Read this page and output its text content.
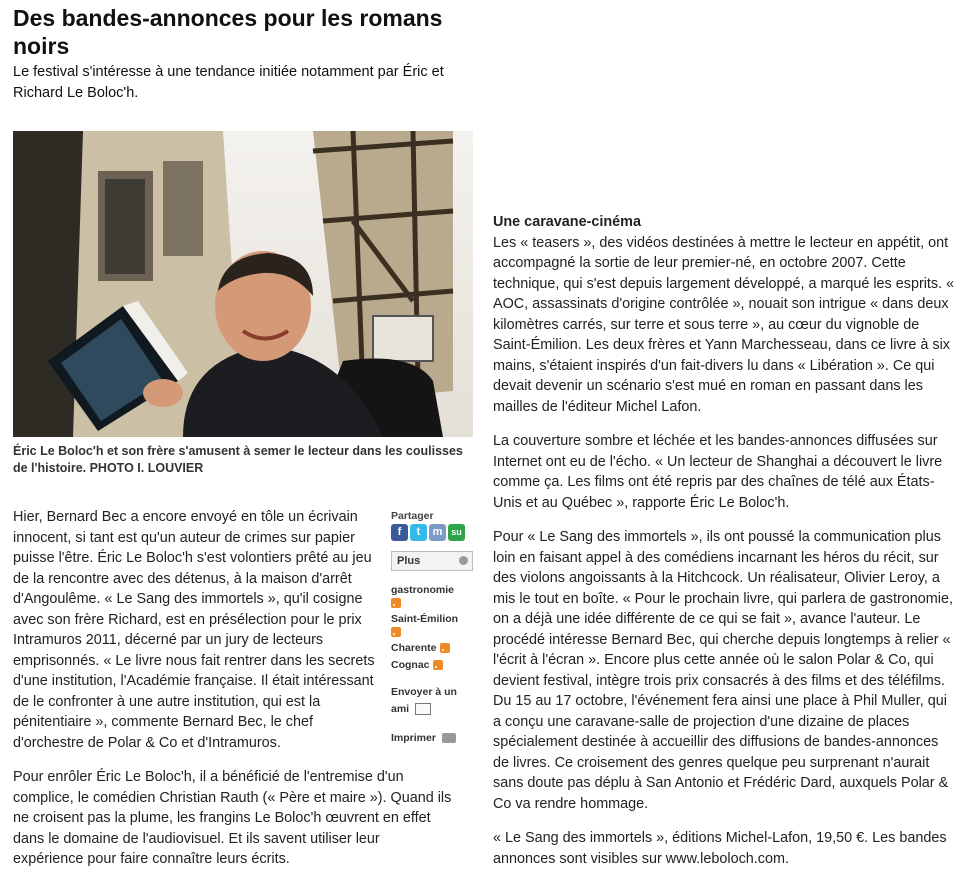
Des bandes-annonces pour les romans noirs
Le festival s'intéresse à une tendance initiée notamment par Éric et Richard Le Boloc'h.
Éric Le Boloc'h et son frère s'amusent à semer le lecteur dans les coulisses de l'histoire. PHOTO I. LOUVIER

Hier, Bernard Bec a encore envoyé en tôle un écrivain innocent, si tant est qu'un auteur de crimes sur papier puisse l'être. Éric Le Boloc'h s'est volontiers prêté au jeu de la rencontre avec des détenus, à la maison d'arrêt d'Angoulême. « Le Sang des immortels », qu'il cosigne avec son frère Richard, est en présélection pour le prix Intramuros 2011, décerné par un jury de lecteurs emprisonnés. « Le livre nous fait rentrer dans les secrets d'une institution, l'Académie française. Il était intéressant de le confronter à une autre institution, qui est la pénitentiaire », commente Bernard Bec, le chef d'orchestre de Polar & Co et d'Intramuros.

Pour enrôler Éric Le Boloc'h, il a bénéficié de l'entremise d'un complice, le comédien Christian Rauth (« Père et maire »). Quand ils ne croisent pas la plume, les frangins Le Boloc'h œuvrent en effet dans le domaine de l'audiovisuel. Et ils savent utiliser leur expérience pour faire connaître leurs écrits.

Partager
f	t	m su
Plus
gastronomie
Saint-Émilion
Charente
Cognac
Envoyer à un ami
Imprimer
Une caravane-cinéma

Les « teasers », des vidéos destinées à mettre le lecteur en appétit, ont accompagné la sortie de leur premier-né, en octobre 2007. Cette technique, qui s'est depuis largement développé, a marqué les esprits. « AOC, assassinats d'origine contrôlée », nouait son intrigue « dans deux kilomètres carrés, sur terre et sous terre », au cœur du vignoble de Saint-Émilion. Les deux frères et Yann Marchesseau, dans ce livre à six mains, s'étaient inspirés d'un fait-divers lu dans « Libération ». Ce qui devait devenir un scénario s'est mué en roman en passant dans les mailles de l'éditeur Michel Lafon.

La couverture sombre et léchée et les bandes-annonces diffusées sur Internet ont eu de l'écho. « Un lecteur de Shanghai a découvert le livre comme ça. Les films ont été repris par des chaînes de télé aux États-Unis et au Québec », rapporte Éric Le Boloc'h.

Pour « Le Sang des immortels », ils ont poussé la communication plus loin en faisant appel à des comédiens incarnant les héros du récit, sur des violons angoissants à la Hitchcock. Un réalisateur, Olivier Leroy, a mis le tout en boîte. « Pour le prochain livre, qui parlera de gastronomie, on a déjà une idée différente de ce qui se fait », avance l'auteur. Le procédé intéresse Bernard Bec, qui cherche depuis longtemps à relier « l'écrit à l'écran ». Encore plus cette année où le salon Polar & Co, qui devient festival, intègre trois prix consacrés à des films et des téléfilms. Du 15 au 17 octobre, l'événement fera ainsi une place à Phil Muller, qui a conçu une caravane-salle de projection d'une dizaine de places spécialement destinée à accueillir des diffusions de bandes-annonces de livres. Ce croisement des genres quelque peu surprenant n'aurait sans doute pas déplu à San Antonio et Frédéric Dard, auxquels Polar & Co va rendre hommage.

« Le Sang des immortels », éditions Michel-Lafon, 19,50 €. Les bandes annonces sont visibles sur www.leboloch.com.
